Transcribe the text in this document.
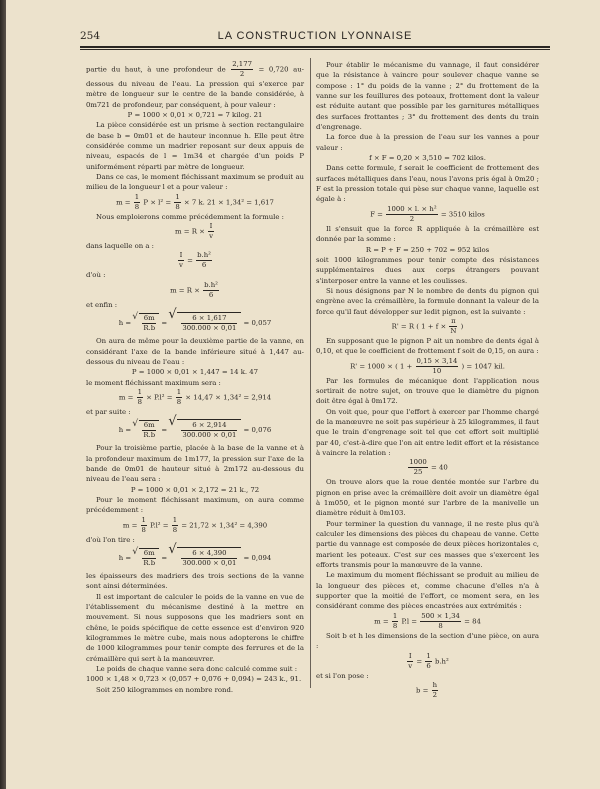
254	LA CONSTRUCTION LYONNAISE

partie du haut, à une profondeur de $\frac{2,177}{2} = 0,720$ au-dessous du niveau de l'eau. La pression qui s'exerce par mètre de longueur sur le centre de la bande considérée, à 0m721 de profondeur, par conséquent, à pour valeur :

P = 1000 × 0,01 × 0,721 = 7 kilog. 21

La pièce considérée est un prisme à section rectangulaire de base b = 0m01 et de hauteur inconnue h. Elle peut être considérée comme un madrier reposant sur deux appuis de niveau, espacés de l = 1m34 et chargée d'un poids P uniformément réparti par mètre de longueur.

Dans ce cas, le moment fléchissant maximum se produit au milieu de la longueur l et a pour valeur :

$m = \frac{1}{8}$ $P \times l^2 = \frac{1}{8} \times 7$ k. 21 × 1,34² = 1,617

Nous emploierons comme précédemment la formule :

$m = R \times \frac{I}{v}$

dans laquelle on a :

$\frac{I}{v} = \frac{\text{b.h²}}{6}$

d'où :

$m = R \times \frac{\text{b.h²}}{6}$

et enfin :

h = √ $\frac{6m}{R.b}$ = √ $\frac{6 \times 1,617}{300.000 \times 0,01} = 0,057$

On aura de même pour la deuxième partie de la vanne, en considérant l'axe de la bande inférieure situé à 1,447 au-dessous du niveau de l'eau :

P = 1000 × 0,01 × 1,447 = 14 k. 47

le moment fléchissant maximum sera :

$m = \frac{1}{8} \times P.l^2 = \frac{1}{8} \times 14,47 \times 1,34^2 = 2,914$

et par suite :

h = √ $\frac{6m}{R.b}$ = √ $\frac{6 \times 2,914}{300.000 \times 0,01} = 0,076$

Pour la troisième partie, placée à la base de la vanne et à la profondeur maximum de 1m177, la pression sur l'axe de la bande de 0m01 de hauteur situé à 2m172 au-dessous du niveau de l'eau sera :

P = 1000 × 0,01 × 2,172 = 21 k., 72

Pour le moment fléchissant maximum, on aura comme précédemment :

$m = \frac{1}{8} P.l^2 = \frac{1}{8} = 21,72 \times 1,34^2 = 4,390$

d'où l'on tire :

h = √ $\frac{6m}{R.b}$ = √ $\frac{6 \times 4,390}{300.000 \times 0,01} = 0,094$

les épaisseurs des madriers des trois sections de la vanne sont ainsi déterminées.

Il est important de calculer le poids de la vanne en vue de l'établissement du mécanisme destiné à la mettre en mouvement. Si nous supposons que les madriers sont en chêne, le poids spécifique de cette essence est d'environ 920 kilogrammes le mètre cube, mais nous adopterons le chiffre de 1000 kilogrammes pour tenir compte des ferrures et de la crémaillère qui sert à la manœuvrer.

Le poids de chaque vanne sera donc calculé comme suit :

1000 × 1,48 × 0,723 × (0,057 + 0,076 + 0,094) = 243 k., 91.

Soit 250 kilogrammes en nombre rond.

Pour établir le mécanisme du vannage, il faut considérer que la résistance à vaincre pour soulever chaque vanne se compose : 1° du poids de la vanne ; 2° du frottement de la vanne sur les feuillures des poteaux, frottement dont la valeur est réduite autant que possible par les garnitures métalliques des surfaces frottantes ; 3° du frottement des dents du train d'engrenage.

La force due à la pression de l'eau sur les vannes a pour valeur :

f × F = 0,20 × 3,510 = 702 kilos.

Dans cette formule, f serait le coefficient de frottement des surfaces métalliques dans l'eau, nous l'avons pris égal à 0m20 ; F est la pression totale qui pèse sur chaque vanne, laquelle est égale à :

$F = \frac{\text{1000 × l. × h²}}{2} = 3510$ kilos

Il s'ensuit que la force R appliquée à la crémaillère est donnée par la somme :

R = P + F = 250 + 702 = 952 kilos

soit 1000 kilogrammes pour tenir compte des résistances supplémentaires dues aux corps étrangers pouvant s'interposer entre la vanne et les coulisses.

Si nous désignons par N le nombre de dents du pignon qui engrène avec la crémaillère, la formule donnant la valeur de la force qu'il faut développer sur ledit pignon, est la suivante :

R' = R ( $1 + f \times \frac{\pi}{N}$ )

En supposant que le pignon P ait un nombre de dents égal à 0,10, et que le coefficient de frottement f soit de 0,15, on aura :

R' = 1000 × ( $1 + \frac{0,15 \times 3,14}{10}$ ) = 1047 kil.

Par les formules de mécanique dont l'application nous sortirait de notre sujet, on trouve que le diamètre du pignon doit être égal à 0m172.

On voit que, pour que l'effort à exercer par l'homme chargé de la manœuvre ne soit pas supérieur à 25 kilogrammes, il faut que le train d'engrenage soit tel que cet effort soit multiplié par 40, c'est-à-dire que l'on ait entre ledit effort et la résistance à vaincre la relation :

$\frac{1000}{25} = 40$

On trouve alors que la roue dentée montée sur l'arbre du pignon en prise avec la crémaillère doit avoir un diamètre égal à 1m050, et le pignon monté sur l'arbre de la manivelle un diamètre réduit à 0m103.

Pour terminer la question du vannage, il ne reste plus qu'à calculer les dimensions des pièces du chapeau de vanne. Cette partie du vannage est composée de deux pièces horizontales c, marient les poteaux. C'est sur ces masses que s'exercent les efforts transmis pour la manœuvre de la vanne.

Le maximum du moment fléchissant se produit au milieu de la longueur des pièces et, comme chacune d'elles n'a à supporter que la moitié de l'effort, ce moment sera, en les considérant comme des pièces encastrées aux extrémités :

$m = \frac{1}{8} P.l = \frac{500 \times 1,34}{8} = 84$

Soit b et h les dimensions de la section d'une pièce, on aura :

$\frac{I}{v} = \frac{1}{6} b.h^2$

et si l'on pose :

$b = \frac{h}{2}$
